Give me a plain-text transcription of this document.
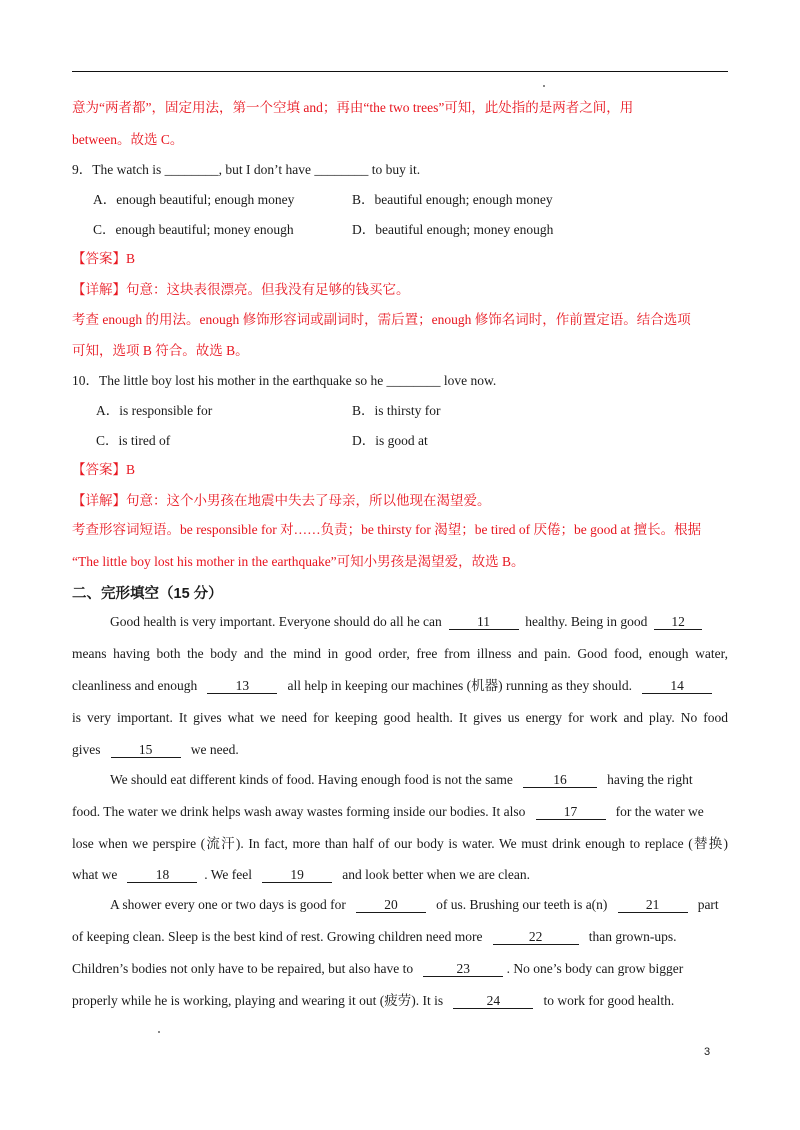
意为“两者都”，固定用法，第一个空填 and；再由“the two trees”可知，此处指的是两者之间，用
between。故选 C。
9．The watch is ________, but I don’t have ________ to buy it.
A．enough beautiful; enough money	B．beautiful enough; enough money
C．enough beautiful; money enough	D．beautiful enough; money enough
【答案】B
【详解】句意：这块表很漂亮。但我没有足够的钱买它。
考查 enough 的用法。enough 修饰形容词或副词时，需后置；enough 修饰名词时，作前置定语。结合选项
可知，选项 B 符合。故选 B。
10．The little boy lost his mother in the earthquake so he ________ love now.
A．is responsible for	B．is thirsty for
C．is tired of	D．is good at
【答案】B
【详解】句意：这个小男孩在地震中失去了母亲，所以他现在渴望爱。
考查形容词短语。be responsible for 对……负责；be thirsty for 渴望；be tired of 厌倦；be good at 擅长。根据
“The little boy lost his mother in the earthquake”可知小男孩是渴望爱，故选 B。
二、完形填空（15 分）
Good health is very important. Everyone should do all he can	11	healthy. Being in good 12
means having both the body and the mind in good order, free from illness and pain. Good food, enough water,
cleanliness and enough	13	all help in keeping our machines (机器) running as they should.	14
is very important. It gives what we need for keeping good health. It gives us energy for work and play. No food
gives	15	we need.
We should eat different kinds of food. Having enough food is not the same	16	having the right
food. The water we drink helps wash away wastes forming inside our bodies. It also	17	for the water we
lose when we perspire (流汗). In fact, more than half of our body is water. We must drink enough to replace (替换)
what we	18	. We feel	19	and look better when we are clean.
A shower every one or two days is good for	20	of us. Brushing our teeth is a(n)	21	part
of keeping clean. Sleep is the best kind of rest. Growing children need more	22	than grown-ups.
Children’s bodies not only have to be repaired, but also have to	23	. No one’s body can grow bigger
properly while he is working, playing and wearing it out (疲劳). It is	24	to work for good health.
3
